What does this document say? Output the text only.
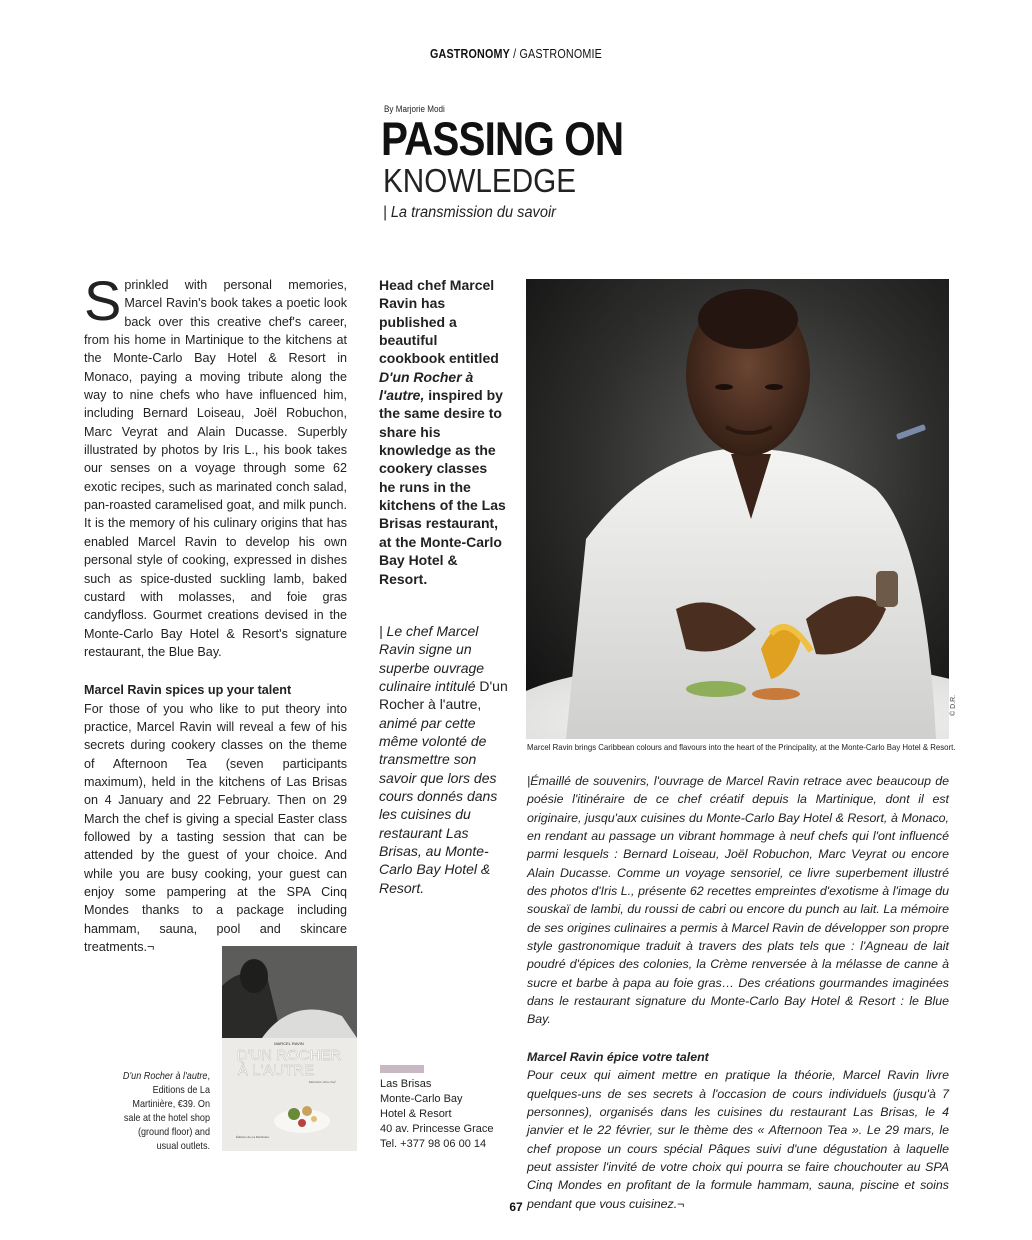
GASTRONOMY / GASTRONOMIE
By Marjorie Modi
PASSING ON
KNOWLEDGE
| La transmission du savoir
S prinkled with personal memories, Marcel Ravin's book takes a poetic look back over this creative chef's career, from his home in Martinique to the kitchens at the Monte-Carlo Bay Hotel & Resort in Monaco, paying a moving tribute along the way to nine chefs who have influenced him, including Bernard Loiseau, Joël Robuchon, Marc Veyrat and Alain Ducasse. Superbly illustrated by photos by Iris L., his book takes our senses on a voyage through some 62 exotic recipes, such as marinated conch salad, pan-roasted caramelised goat, and milk punch. It is the memory of his culinary origins that has enabled Marcel Ravin to develop his own personal style of cooking, expressed in dishes such as spice-dusted suckling lamb, baked custard with molasses, and foie gras candyfloss. Gourmet creations devised in the Monte-Carlo Bay Hotel & Resort's signature restaurant, the Blue Bay.

Marcel Ravin spices up your talent

For those of you who like to put theory into practice, Marcel Ravin will reveal a few of his secrets during cookery classes on the theme of Afternoon Tea (seven participants maximum), held in the kitchens of Las Brisas on 4 January and 22 February. Then on 29 March the chef is giving a special Easter class followed by a tasting session that can be attended by the guest of your choice. And while you are busy cooking, your guest can enjoy some pampering at the SPA Cinq Mondes thanks to a package including hammam, sauna, pool and skincare treatments.¬

Head chef Marcel Ravin has published a beautiful cookbook entitled D'un Rocher à l'autre, inspired by the same desire to share his knowledge as the cookery classes he runs in the kitchens of the Las Brisas restaurant, at the Monte-Carlo Bay Hotel & Resort.
| Le chef Marcel Ravin signe un superbe ouvrage culinaire intitulé D'un Rocher à l'autre, animé par cette même volonté de transmettre son savoir que lors des cours donnés dans les cuisines du restaurant Las Brisas, au Monte-Carlo Bay Hotel & Resort.
© D.R.
Marcel Ravin brings Caribbean colours and flavours into the heart of the Principality, at the Monte-Carlo Bay Hotel & Resort.

|Émaillé de souvenirs, l'ouvrage de Marcel Ravin retrace avec beaucoup de poésie l'itinéraire de ce chef créatif depuis la Martinique, dont il est originaire, jusqu'aux cuisines du Monte-Carlo Bay Hotel & Resort, à Monaco, en rendant au passage un vibrant hommage à neuf chefs qui l'ont influencé parmi lesquels : Bernard Loiseau, Joël Robuchon, Marc Veyrat ou encore Alain Ducasse. Comme un voyage sensoriel, ce livre superbement illustré des photos d'Iris L., présente 62 recettes empreintes d'exotisme à l'image du souskaï de lambi, du roussi de cabri ou encore du punch au lait. La mémoire de ses origines culinaires a permis à Marcel Ravin de développer son propre style gastronomique traduit à travers des plats tels que : l'Agneau de lait poudré d'épices des colonies, la Crème renversée à la mélasse de canne à sucre et barbe à papa au foie gras… Des créations gourmandes imaginées dans le restaurant signature du Monte-Carlo Bay Hotel & Resort : le Blue Bay.

Marcel Ravin épice votre talent

Pour ceux qui aiment mettre en pratique la théorie, Marcel Ravin livre quelques-uns de ses secrets à l'occasion de cours individuels (jusqu'à 7 personnes), organisés dans les cuisines du restaurant Las Brisas, le 4 janvier et le 22 février, sur le thème des « Afternoon Tea ». Le 29 mars, le chef propose un cours spécial Pâques suivi d'une dégustation à laquelle peut assister l'invité de votre choix qui pourra se faire chouchouter au SPA Cinq Mondes en profitant de la formule hammam, sauna, piscine et soins pendant que vous cuisinez.¬

MARCEL RAVIN
D'UN ROCHER
À L'AUTRE
Itinéraire d'un chef
Éditions de La Martinière
D'un Rocher à l'autre, Editions de La Martinière, €39. On sale at the hotel shop (ground floor) and usual outlets.
Las Brisas
Monte-Carlo Bay
Hotel & Resort
40 av. Princesse Grace
Tel. +377 98 06 00 14
67
